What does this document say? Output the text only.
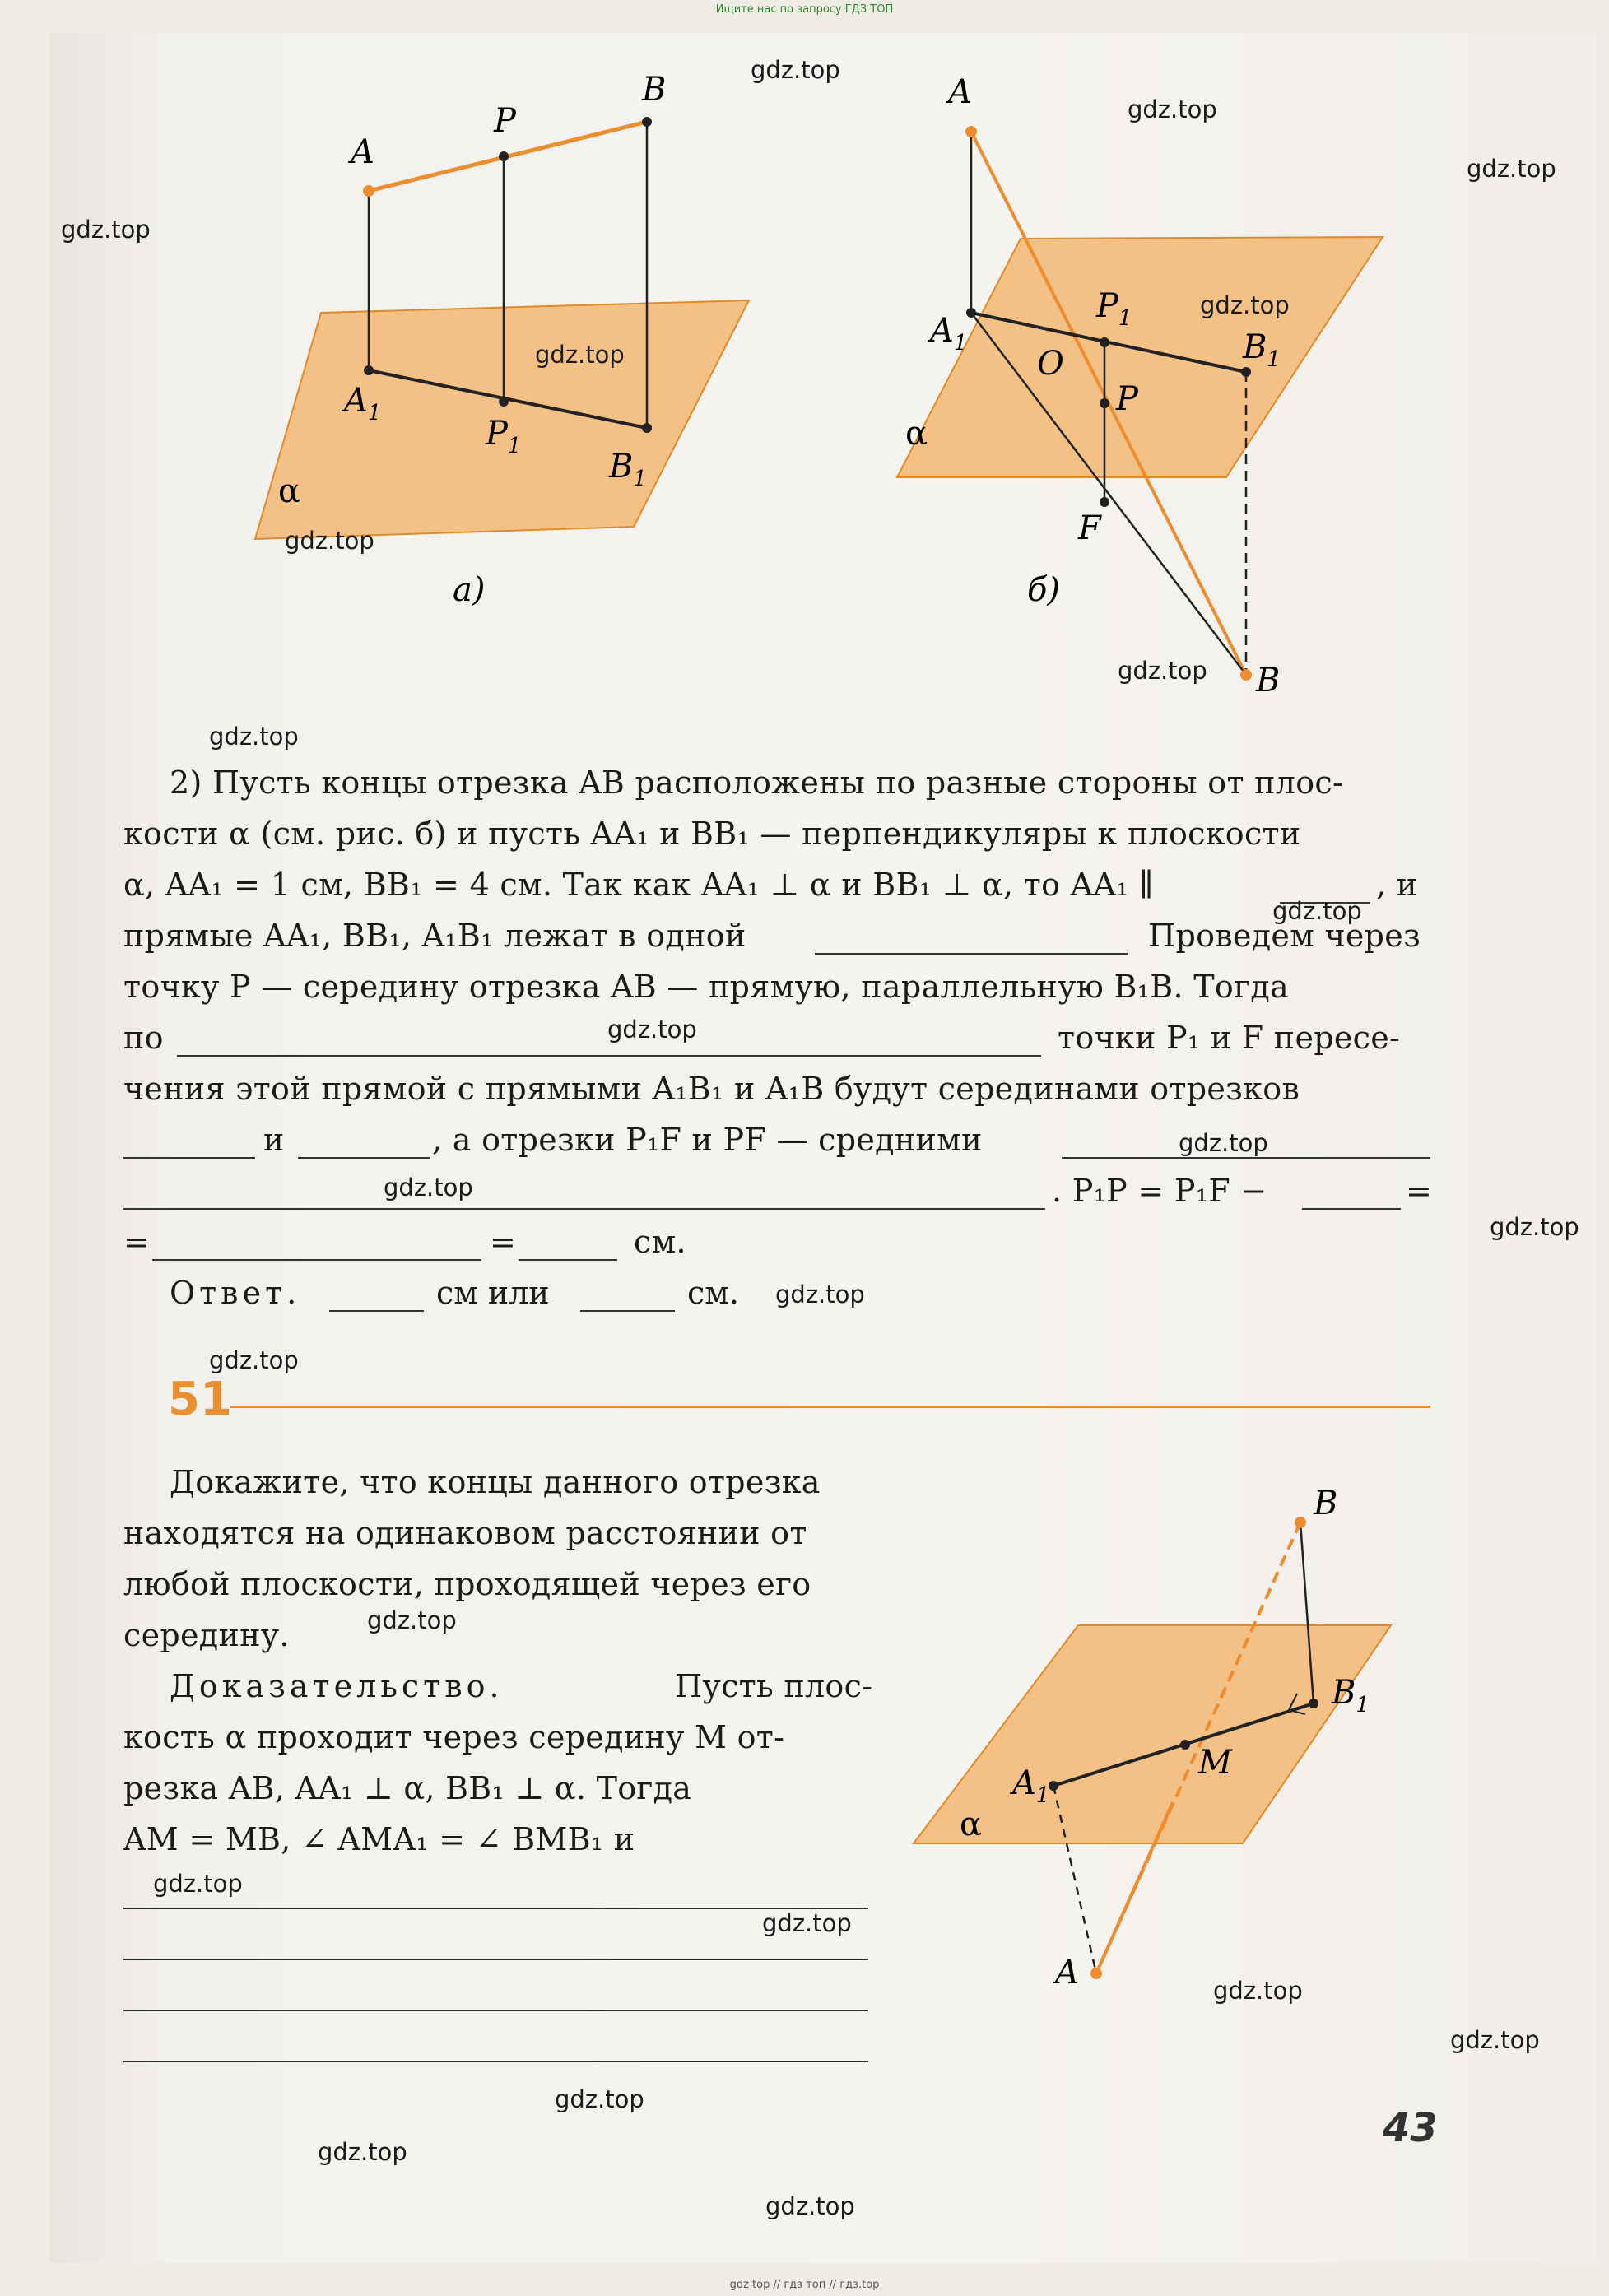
Ищите нас по запросу ГДЗ ТОП
A
P
B
$A_1$
$P_1$
$B_1$
α
а)
A
$P_1$
$A_1$
O	$B_1$
P
α
F
B
б)
2) Пусть концы отрезка AB расположены по разные стороны от плос-
кости α (см. рис. б) и пусть AA₁ и BB₁ — перпендикуляры к плоскости
α, AA₁ = 1 см, BB₁ = 4 см. Так как AA₁ ⊥ α и BB₁ ⊥ α, то AA₁ ∥	, и
прямые AA₁, BB₁, A₁B₁ лежат в одной	Проведем через
точку P — середину отрезка AB — прямую, параллельную B₁B. Тогда
по	точки P₁ и F пересе-
чения этой прямой с прямыми A₁B₁ и A₁B будут серединами отрезков
и	, а отрезки P₁F и PF — средними
. P₁P = P₁F −	=
=	=	см.
Ответ.	см или	см.
51
Докажите, что концы данного отрезка
находятся на одинаковом расстоянии от
любой плоскости, проходящей через его
середину.
Доказательство.	Пусть плос-
кость α проходит через середину M от-
резка AB, AA₁ ⊥ α, BB₁ ⊥ α. Тогда
AM = MB, ∠ AMA₁ = ∠ BMB₁ и
B
$B_1$
M
$A_1$
α
A
43
gdz.top
gdz.top
gdz.top
gdz.top
gdz.top
gdz.top
gdz.top
gdz.top
gdz.top
gdz.top
gdz.top
gdz.top
gdz.top
gdz.top
gdz.top
gdz.top
gdz.top
gdz.top
gdz.top
gdz.top
gdz.top
gdz.top
gdz.top
gdz.top
gdz top // гдз топ // гдз.top
